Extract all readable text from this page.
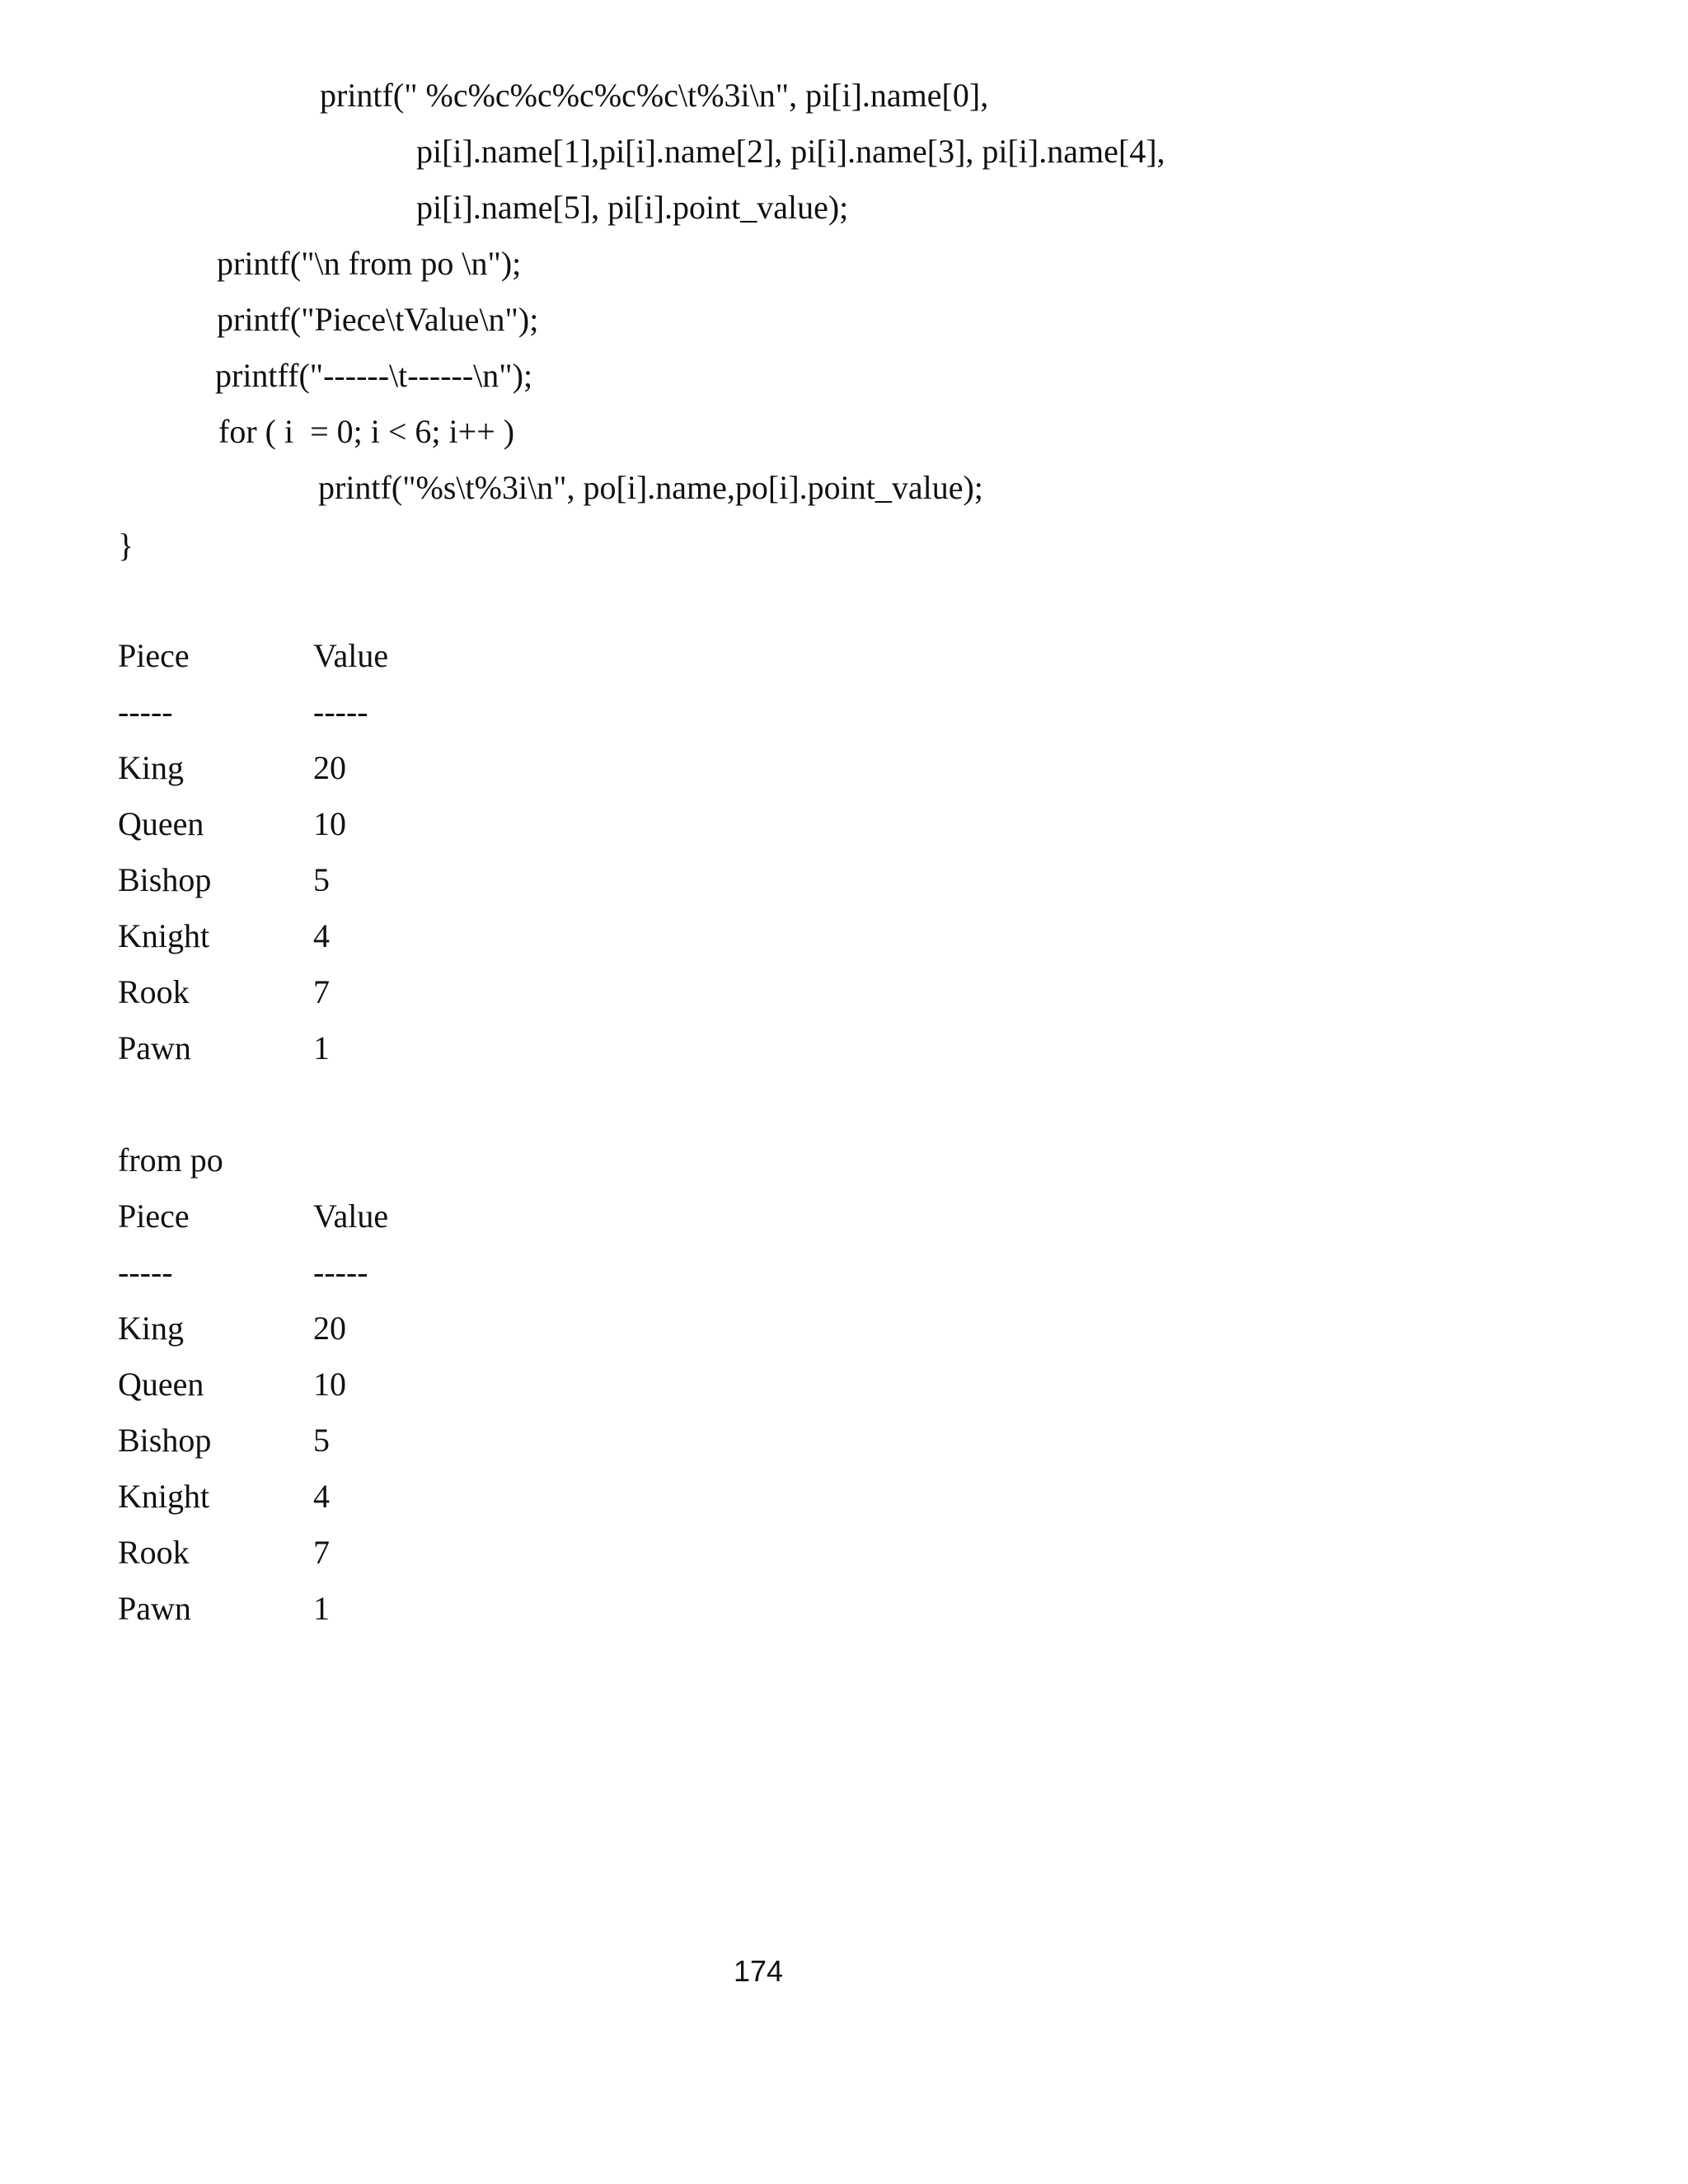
printf(" %c%c%c%c%c%c\t%3i\n", pi[i].name[0],
pi[i].name[1],pi[i].name[2], pi[i].name[3], pi[i].name[4],
pi[i].name[5], pi[i].point_value);
printf("\n from po \n");
printf("Piece\tValue\n");
printff("------\t------\n");
for ( i  = 0; i < 6; i++ )
printf("%s\t%3i\n", po[i].name,po[i].point_value);
}
Piece	Value
-----	-----
King	20
Queen	10
Bishop	5
Knight	4
Rook	7
Pawn	1
from po
Piece	Value
-----	-----
King	20
Queen	10
Bishop	5
Knight	4
Rook	7
Pawn	1
174
